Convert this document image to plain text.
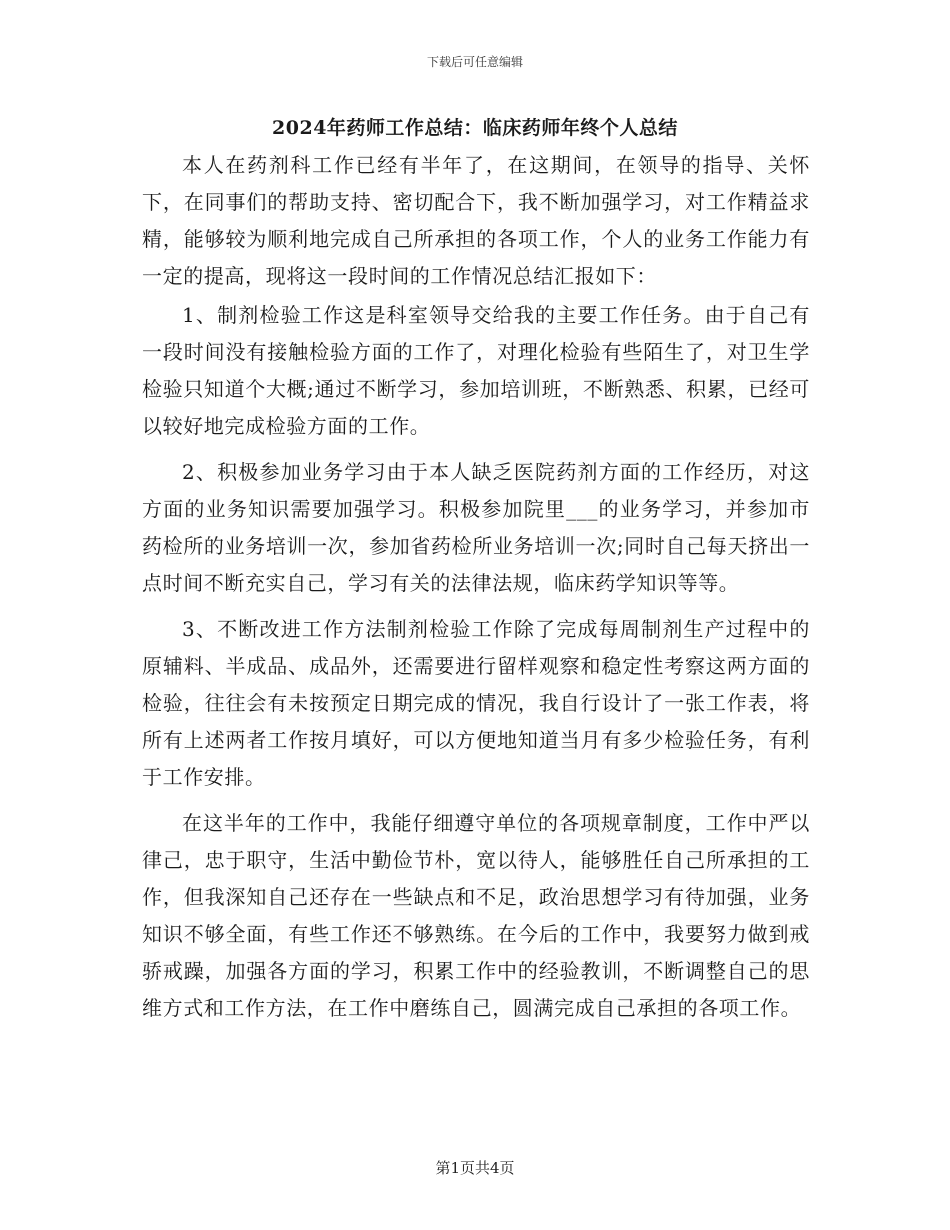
下载后可任意编辑
2024年药师工作总结：临床药师年终个人总结

本人在药剂科工作已经有半年了，在这期间，在领导的指导、关怀下，在同事们的帮助支持、密切配合下，我不断加强学习，对工作精益求精，能够较为顺利地完成自己所承担的各项工作，个人的业务工作能力有一定的提高，现将这一段时间的工作情况总结汇报如下：

1、制剂检验工作这是科室领导交给我的主要工作任务。由于自己有一段时间没有接触检验方面的工作了，对理化检验有些陌生了，对卫生学检验只知道个大概;通过不断学习，参加培训班，不断熟悉、积累，已经可以较好地完成检验方面的工作。

2、积极参加业务学习由于本人缺乏医院药剂方面的工作经历，对这方面的业务知识需要加强学习。积极参加院里___的业务学习，并参加市药检所的业务培训一次，参加省药检所业务培训一次;同时自己每天挤出一点时间不断充实自己，学习有关的法律法规，临床药学知识等等。

3、不断改进工作方法制剂检验工作除了完成每周制剂生产过程中的原辅料、半成品、成品外，还需要进行留样观察和稳定性考察这两方面的检验，往往会有未按预定日期完成的情况，我自行设计了一张工作表，将所有上述两者工作按月填好，可以方便地知道当月有多少检验任务，有利于工作安排。

在这半年的工作中，我能仔细遵守单位的各项规章制度，工作中严以律己，忠于职守，生活中勤俭节朴，宽以待人，能够胜任自己所承担的工作，但我深知自己还存在一些缺点和不足，政治思想学习有待加强，业务知识不够全面，有些工作还不够熟练。在今后的工作中，我要努力做到戒骄戒躁，加强各方面的学习，积累工作中的经验教训，不断调整自己的思维方式和工作方法，在工作中磨练自己，圆满完成自己承担的各项工作。

第1页共4页
